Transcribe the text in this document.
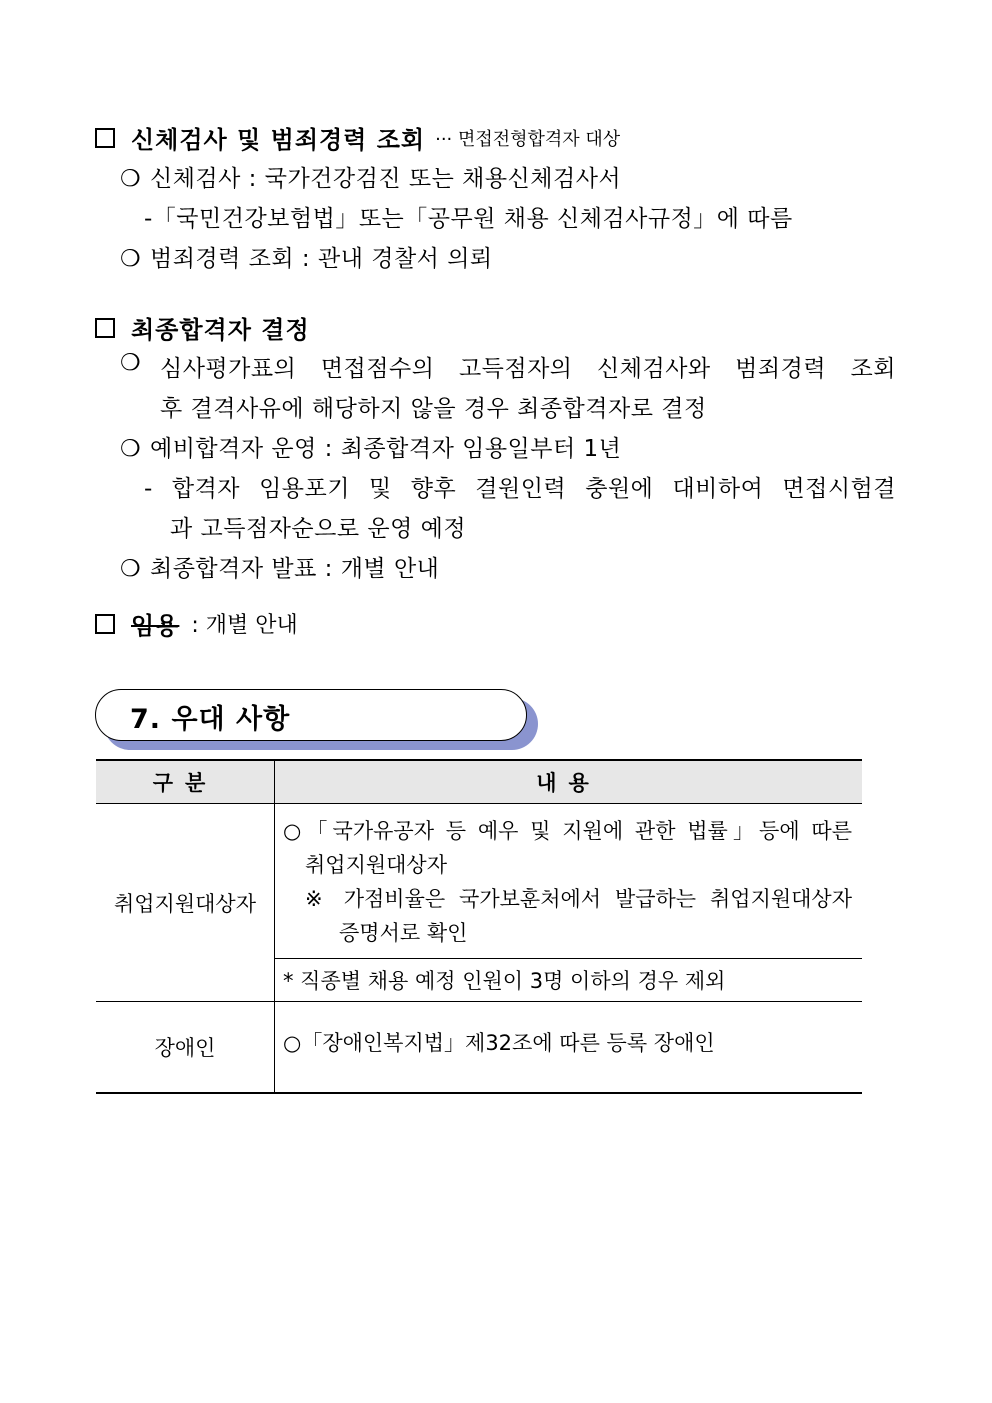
신체검사 및 범죄경력 조회 ··· 면접전형합격자 대상
❍ 신체검사 : 국가건강검진 또는 채용신체검사서
-「국민건강보험법」또는「공무원 채용 신체검사규정」에 따름
❍ 범죄경력 조회 : 관내 경찰서 의뢰
최종합격자 결정
❍ 심사평가표의 면접점수의 고득점자의 신체검사와 범죄경력 조회
후 결격사유에 해당하지 않을 경우 최종합격자로 결정
❍ 예비합격자 운영 : 최종합격자 임용일부터 1년
- 합격자 임용포기 및 향후 결원인력 충원에 대비하여 면접시험결
과 고득점자순으로 운영 예정
❍ 최종합격자 발표 : 개별 안내
임용 : 개별 안내
7. 우대 사항
구분	내용
취업지원대상자	○「국가유공자 등 예우 및 지원에 관한 법률」등에 따른

취업지원대상자

※ 가점비율은 국가보훈처에서 발급하는 취업지원대상자

증명서로 확인

	* 직종별 채용 예정 인원이 3명 이하의 경우 제외
장애인	○「장애인복지법」제32조에 따른 등록 장애인
